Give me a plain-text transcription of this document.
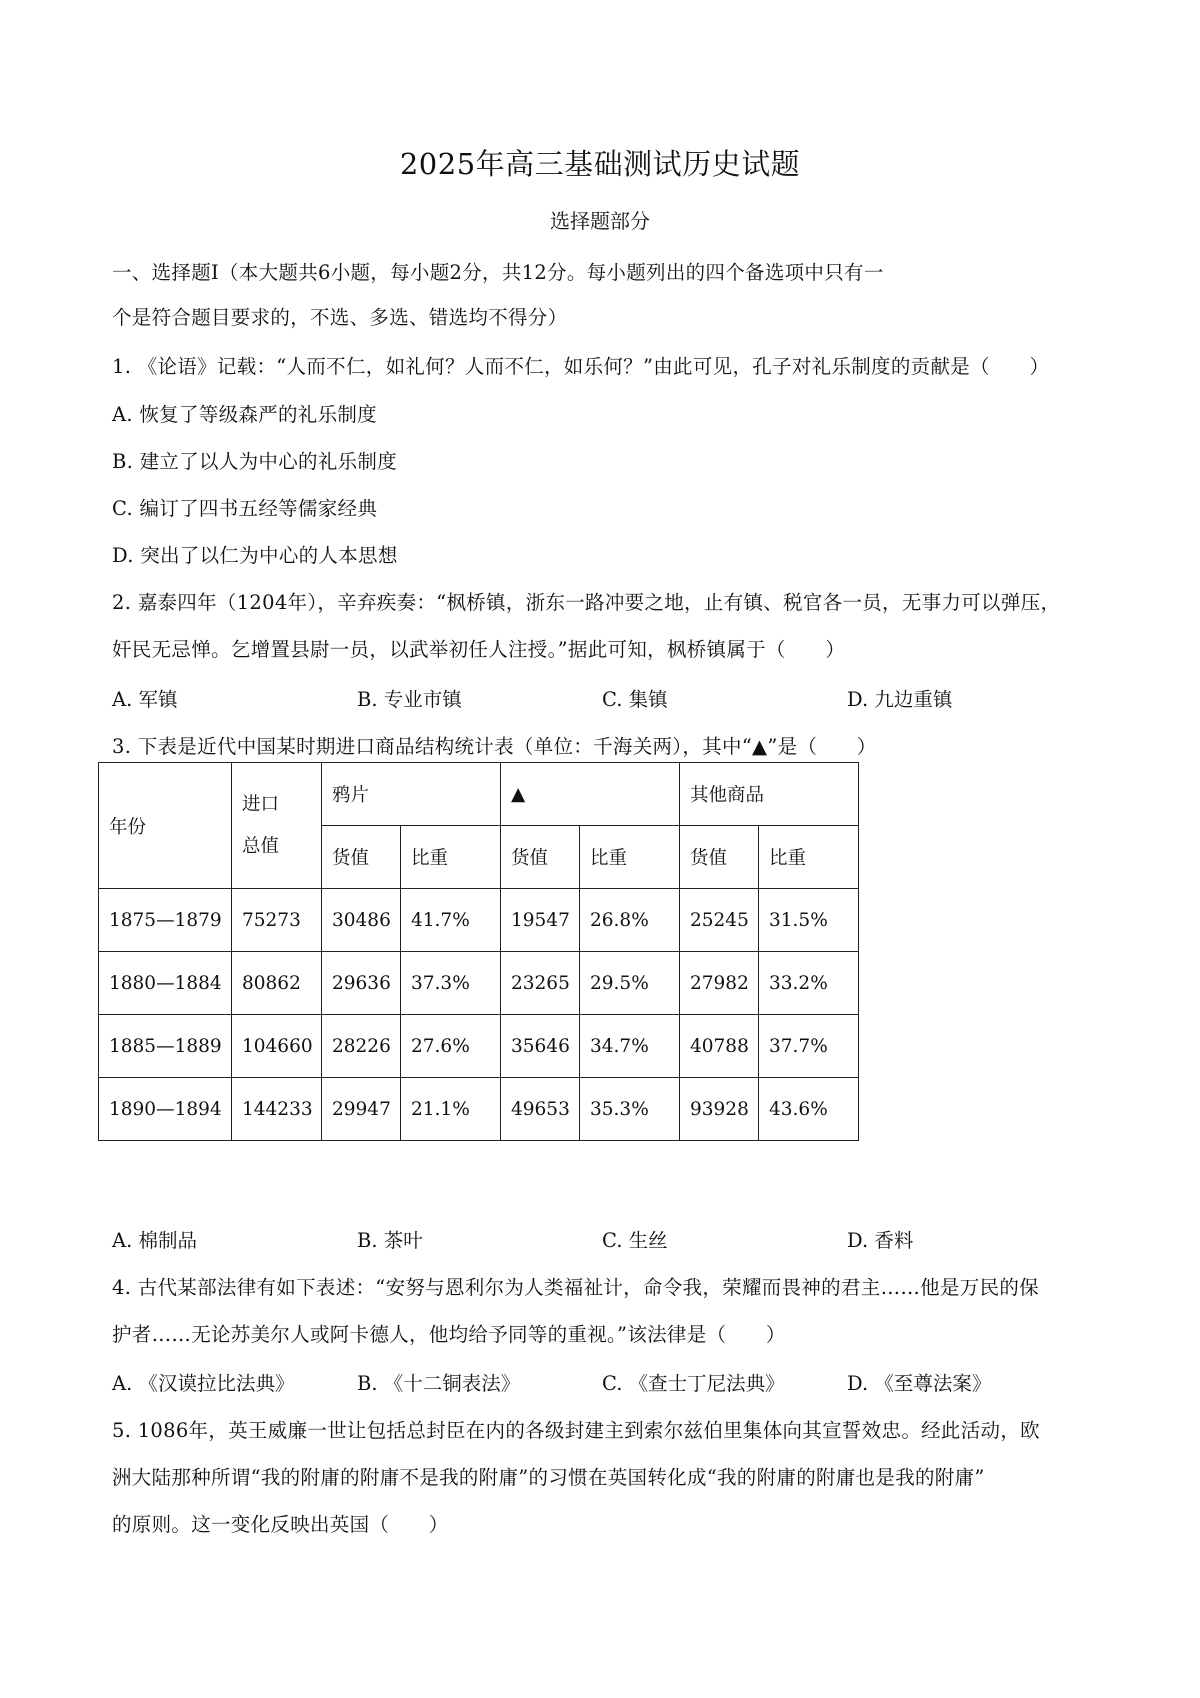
2025年高三基础测试历史试题
选择题部分
一、选择题Ⅰ（本大题共6小题，每小题2分，共12分。每小题列出的四个备选项中只有一
个是符合题目要求的，不选、多选、错选均不得分）
1. 《论语》记载：“人而不仁，如礼何？人而不仁，如乐何？”由此可见，孔子对礼乐制度的贡献是（　　）
A. 恢复了等级森严的礼乐制度
B. 建立了以人为中心的礼乐制度
C. 编订了四书五经等儒家经典
D. 突出了以仁为中心的人本思想
2. 嘉泰四年（1204年），辛弃疾奏：“枫桥镇，浙东一路冲要之地，止有镇、税官各一员，无事力可以弹压，
奸民无忌惮。乞增置县尉一员，以武举初任人注授。”据此可知，枫桥镇属于（　　）
A. 军镇	B. 专业市镇	C. 集镇	D. 九边重镇
3. 下表是近代中国某时期进口商品结构统计表（单位：千海关两），其中“▲”是（　　）
年份	进口
总值	鸦片		▲		其他商品	
		货值	比重	货值	比重	货值	比重
1875—1879	75273	30486	41.7%	19547	26.8%	25245	31.5%
1880—1884	80862	29636	37.3%	23265	29.5%	27982	33.2%
1885—1889	104660	28226	27.6%	35646	34.7%	40788	37.7%
1890—1894	144233	29947	21.1%	49653	35.3%	93928	43.6%
A. 棉制品	B. 茶叶	C. 生丝	D. 香料
4. 古代某部法律有如下表述：“安努与恩利尔为人类福祉计，命令我，荣耀而畏神的君主……他是万民的保
护者……无论苏美尔人或阿卡德人，他均给予同等的重视。”该法律是（　　）
A. 《汉谟拉比法典》	B. 《十二铜表法》	C. 《查士丁尼法典》	D. 《至尊法案》
5. 1086年，英王威廉一世让包括总封臣在内的各级封建主到索尔兹伯里集体向其宣誓效忠。经此活动，欧
洲大陆那种所谓“我的附庸的附庸不是我的附庸”的习惯在英国转化成“我的附庸的附庸也是我的附庸”
的原则。这一变化反映出英国（　　）
